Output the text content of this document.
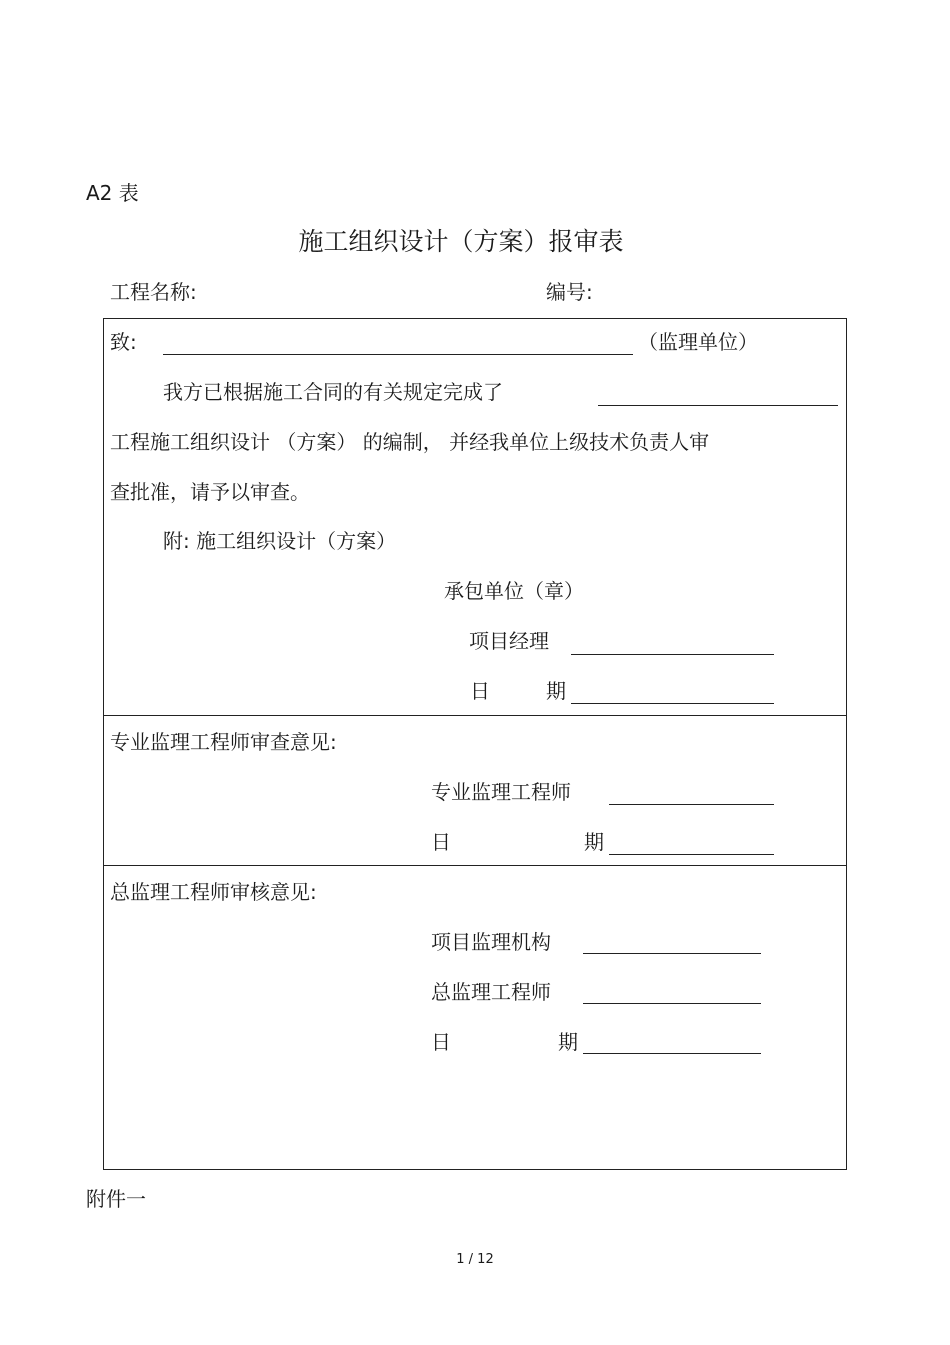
A2 表
施工组织设计（方案）报审表
工程名称:	编号:
致:	（监理单位）
我方已根据施工合同的有关规定完成了
工程施工组织设计 （方案） 的编制， 并经我单位上级技术负责人审
查批准，请予以审查。
附: 施工组织设计（方案）
承包单位（章）
项目经理
日	期
专业监理工程师审查意见:
专业监理工程师
日	期
总监理工程师审核意见:
项目监理机构
总监理工程师
日	期
附件一
1 / 12
